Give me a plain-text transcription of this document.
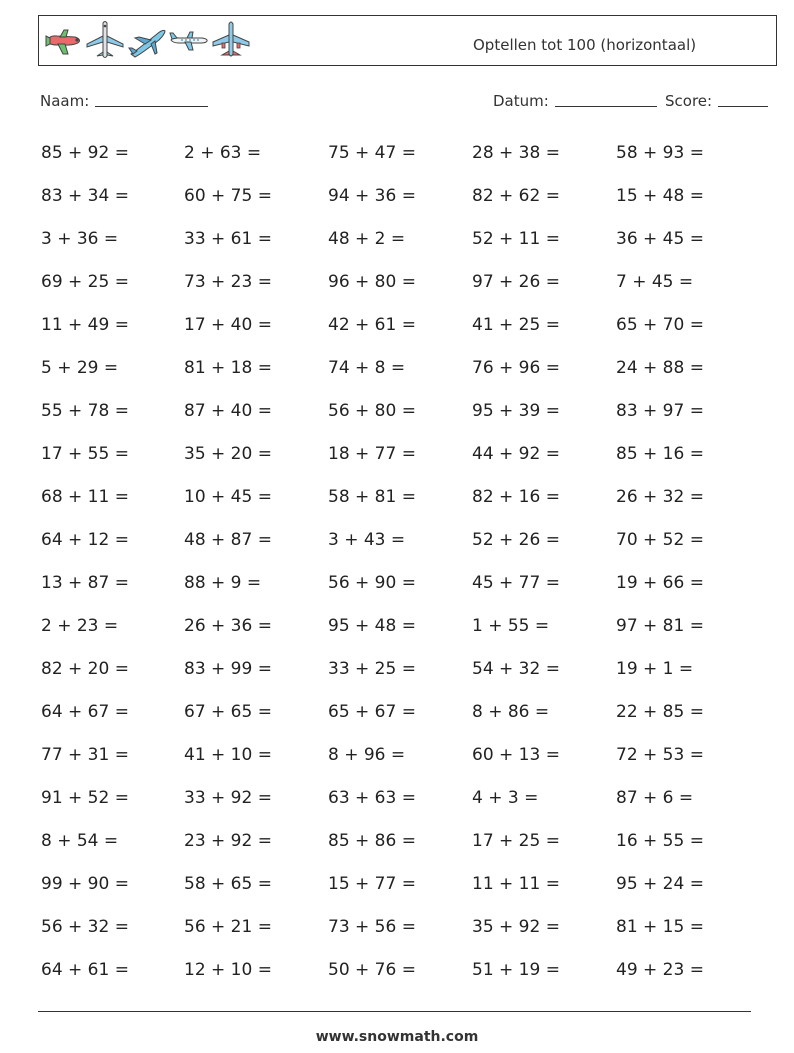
Optellen tot 100 (horizontaal)
Naam:	Datum:	Score:
85 + 92 =	2 + 63 =	75 + 47 =	28 + 38 =	58 + 93 =
83 + 34 =	60 + 75 =	94 + 36 =	82 + 62 =	15 + 48 =
3 + 36 =	33 + 61 =	48 + 2 =	52 + 11 =	36 + 45 =
69 + 25 =	73 + 23 =	96 + 80 =	97 + 26 =	7 + 45 =
11 + 49 =	17 + 40 =	42 + 61 =	41 + 25 =	65 + 70 =
5 + 29 =	81 + 18 =	74 + 8 =	76 + 96 =	24 + 88 =
55 + 78 =	87 + 40 =	56 + 80 =	95 + 39 =	83 + 97 =
17 + 55 =	35 + 20 =	18 + 77 =	44 + 92 =	85 + 16 =
68 + 11 =	10 + 45 =	58 + 81 =	82 + 16 =	26 + 32 =
64 + 12 =	48 + 87 =	3 + 43 =	52 + 26 =	70 + 52 =
13 + 87 =	88 + 9 =	56 + 90 =	45 + 77 =	19 + 66 =
2 + 23 =	26 + 36 =	95 + 48 =	1 + 55 =	97 + 81 =
82 + 20 =	83 + 99 =	33 + 25 =	54 + 32 =	19 + 1 =
64 + 67 =	67 + 65 =	65 + 67 =	8 + 86 =	22 + 85 =
77 + 31 =	41 + 10 =	8 + 96 =	60 + 13 =	72 + 53 =
91 + 52 =	33 + 92 =	63 + 63 =	4 + 3 =	87 + 6 =
8 + 54 =	23 + 92 =	85 + 86 =	17 + 25 =	16 + 55 =
99 + 90 =	58 + 65 =	15 + 77 =	11 + 11 =	95 + 24 =
56 + 32 =	56 + 21 =	73 + 56 =	35 + 92 =	81 + 15 =
64 + 61 =	12 + 10 =	50 + 76 =	51 + 19 =	49 + 23 =
www.snowmath.com
